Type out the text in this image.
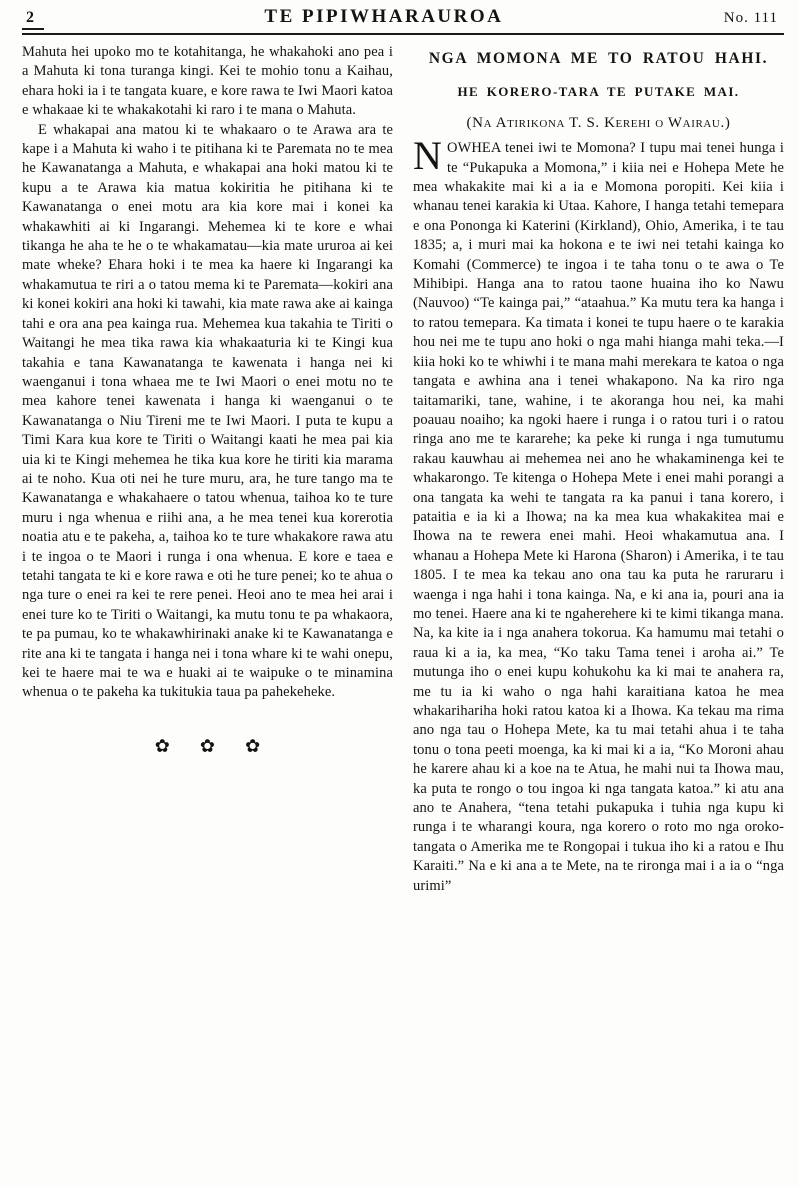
2	TE PIPIWHARAUROA	No. 111

Mahuta hei upoko mo te kotahitanga, he whakahoki ano pea i a Mahuta ki tona turanga kingi. Kei te mohio tonu a Kaihau, ehara hoki ia i te tangata kuare, e kore rawa te Iwi Maori katoa e whakaae ki te whakakotahi ki raro i te mana o Mahuta.

E whakapai ana matou ki te whakaaro o te Arawa ara te kape i a Mahuta ki waho i te pitihana ki te Paremata no te mea he Kawanatanga a Mahuta, e whakapai ana hoki matou ki te kupu a te Arawa kia matua kokiritia he pitihana ki te Kawanatanga o enei motu ara kia kore mai i konei ka whakawhiti ai ki Ingarangi. Mehemea ki te kore e whai tikanga he aha te he o te whakamatau—kia mate ururoa ai kei mate wheke? Ehara hoki i te mea ka haere ki Ingarangi ka whakamutua te riri a o tatou mema ki te Paremata—kokiri ana ki konei kokiri ana hoki ki tawahi, kia mate rawa ake ai kainga tahi e ora ana pea kainga rua. Mehemea kua takahia te Tiriti o Waitangi he mea tika rawa kia whakaaturia ki te Kingi kua takahia e tana Kawanatanga te kawenata i hanga nei ki waenganui i tona whaea me te Iwi Maori o enei motu no te mea kahore tenei kawenata i hanga ki waenganui o te Kawanatanga o Niu Tireni me te Iwi Maori. I puta te kupu a Timi Kara kua kore te Tiriti o Waitangi kaati he mea pai kia uia ki te Kingi mehemea he tika kua kore he tiriti kia marama ai te noho. Kua oti nei he ture muru, ara, he ture tango ma te Kawanatanga e whakahaere o tatou whenua, taihoa ko te ture muru i nga whenua e riihi ana, a he mea tenei kua korerotia noatia atu e te pakeha, a, taihoa ko te ture whakakore rawa atu i te ingoa o te Maori i runga i ona whenua. E kore e taea e tetahi tangata te ki e kore rawa e oti he ture penei; ko te ahua o nga ture o enei ra kei te rere penei. Heoi ano te mea hei arai i enei ture ko te Tiriti o Waitangi, ka mutu tonu te pa whakaora, te pa pumau, ko te whakawhirinaki anake ki te Kawanatanga e rite ana ki te tangata i hanga nei i tona whare ki te wahi onepu, kei te haere mai te wa e huaki ai te waipuke o te minamina whenua o te pakeha ka tukitukia taua pa pahekeheke.

✿ ✿ ✿
NGA MOMONA ME TO RATOU HAHI.
HE KORERO-TARA TE PUTAKE MAI.

(Na Atirikona T. S. Kerehi o Wairau.)

NOWHEA tenei iwi te Momona? I tupu mai tenei hunga i te “Pukapuka a Momona,” i kiia nei e Hohepa Mete he mea whakakite mai ki a ia e Momona poropiti. Kei kiia i whanau tenei karakia ki Utaa. Kahore, I hanga tetahi temepara e ona Pononga ki Katerini (Kirkland), Ohio, Amerika, i te tau 1835; a, i muri mai ka hokona e te iwi nei tetahi kainga ko Komahi (Commerce) te ingoa i te taha tonu o te awa o Te Mihibipi. Hanga ana to ratou taone huaina iho ko Nawu (Nauvoo) “Te kainga pai,” “ataahua.” Ka mutu tera ka hanga i to ratou temepara. Ka timata i konei te tupu haere o te karakia hou nei me te tupu ano hoki o nga mahi hianga mahi teka.—I kiia hoki ko te whiwhi i te mana mahi merekara te katoa o nga tangata e awhina ana i tenei whakapono. Na ka riro nga taitamariki, tane, wahine, i te akoranga hou nei, ka mahi poauau noaiho; ka ngoki haere i runga i o ratou turi i o ratou ringa ano me te kararehe; ka peke ki runga i nga tumutumu rakau kauwhau ai mehemea nei ano he whakaminenga kei te whakarongo. Te kitenga o Hohepa Mete i enei mahi porangi a ona tangata ka wehi te tangata ra ka panui i tana korero, i pataitia e ia ki a Ihowa; na ka mea kua whakakitea mai e Ihowa na te rewera enei mahi. Heoi whakamutua ana. I whanau a Hohepa Mete ki Harona (Sharon) i Amerika, i te tau 1805. I te mea ka tekau ano ona tau ka puta he raruraru i waenga i nga hahi i tona kainga. Na, e ki ana ia, pouri ana ia mo tenei. Haere ana ki te ngaherehere ki te kimi tikanga mana. Na, ka kite ia i nga anahera tokorua. Ka hamumu mai tetahi o raua ki a ia, ka mea, “Ko taku Tama tenei i aroha ai.” Te mutunga iho o enei kupu kohukohu ka ki mai te anahera ra, me tu ia ki waho o nga hahi karaitiana katoa he mea whakarihariha hoki ratou katoa ki a Ihowa. Ka tekau ma rima ano nga tau o Hohepa Mete, ka tu mai tetahi ahua i te taha tonu o tona peeti moenga, ka ki mai ki a ia, “Ko Moroni ahau he karere ahau ki a koe na te Atua, he mahi nui ta Ihowa mau, ka puta te rongo o tou ingoa ki nga tangata katoa.” ki atu ana ano te Anahera, “tena tetahi pukapuka i tuhia nga kupu ki runga i te wharangi koura, nga korero o roto mo nga oroko-tangata o Amerika me te Rongopai i tukua iho ki a ratou e Ihu Karaiti.” Na e ki ana a te Mete, na te rironga mai i a ia o “nga urimi”
